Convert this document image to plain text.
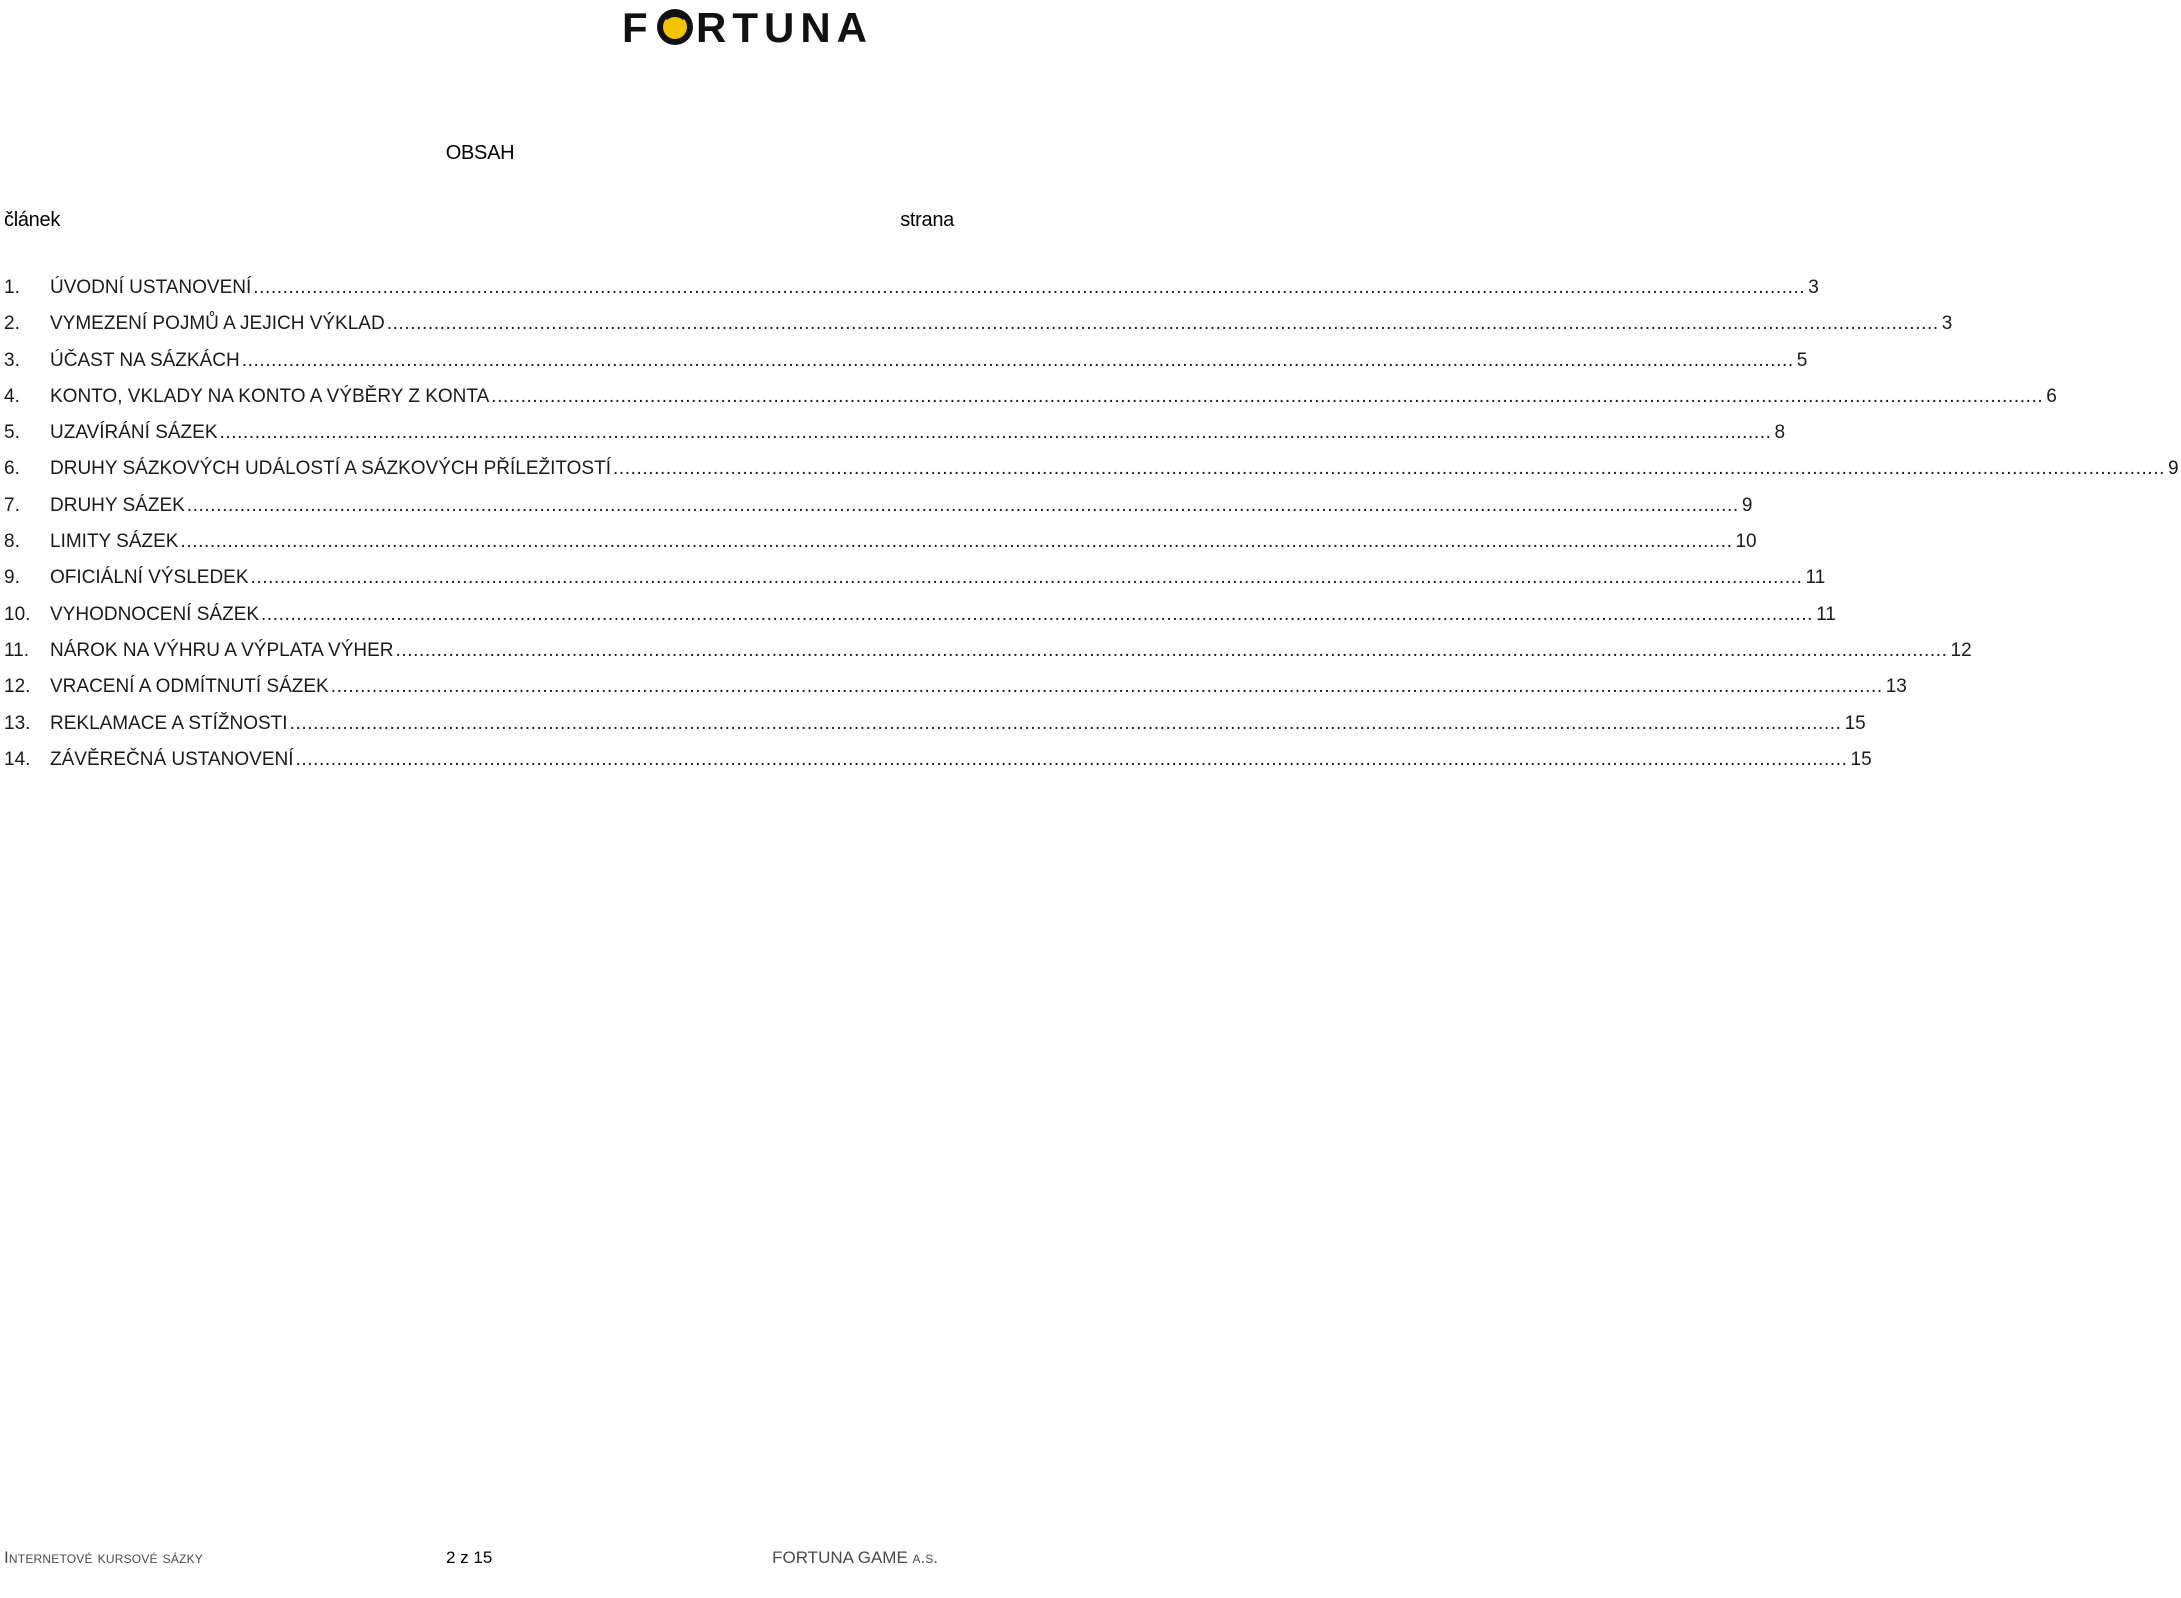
F RTUNA
OBSAH
článek	strana
1.	ÚVODNÍ USTANOVENÍ .....	3
2.	VYMEZENÍ POJMŮ A JEJICH VÝKLAD .....	3
3.	ÚČAST NA SÁZKÁCH .....	5
4.	KONTO, VKLADY NA KONTO A VÝBĚRY Z KONTA .....	6
5.	UZAVÍRÁNÍ SÁZEK .....	8
6.	DRUHY SÁZKOVÝCH UDÁLOSTÍ A SÁZKOVÝCH PŘÍLEŽITOSTÍ .....	9
7.	DRUHY SÁZEK .....	9
8.	LIMITY SÁZEK .....	10
9.	OFICIÁLNÍ VÝSLEDEK .....	11
10.	VYHODNOCENÍ SÁZEK .....	11
11.	NÁROK NA VÝHRU A VÝPLATA VÝHER .....	12
12.	VRACENÍ A ODMÍTNUTÍ SÁZEK .....	13
13.	REKLAMACE A STÍŽNOSTI .....	15
14.	ZÁVĚREČNÁ USTANOVENÍ .....	15
Internetové kursové sázky	2 z 15	FORTUNA GAME a.s.
